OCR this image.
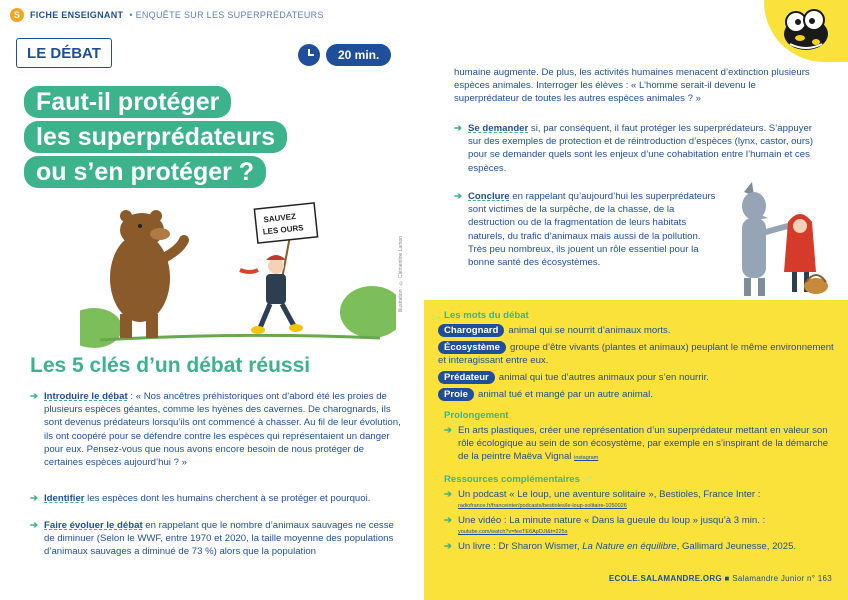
S	FICHE ENSEIGNANT • ENQUÊTE SUR LES SUPERPRÉDATEURS
LE DÉBAT	20 min.
Faut-il protéger
les superprédateurs
ou s’en protéger ?
SAUVEZ
LES OURS
Illustration : © Clémentine Lamon
Les 5 clés d’un débat réussi
➔ Introduire le débat : « Nos ancêtres préhistoriques ont d’abord été les proies de plusieurs espèces géantes, comme les hyènes des cavernes. De charognards, ils sont devenus prédateurs lorsqu’ils ont commencé à chasser. Au fil de leur évolution, ils ont coopéré pour se défendre contre les espèces qui représentaient un danger pour eux. Pensez-vous que nous avons encore besoin de nous protéger de certaines espèces aujourd’hui ? »
➔ Identifier les espèces dont les humains cherchent à se protéger et pourquoi.
➔ Faire évoluer le débat en rappelant que le nombre d’animaux sauvages ne cesse de diminuer (Selon le WWF, entre 1970 et 2020, la taille moyenne des populations d’animaux sauvages a diminué de 73 %) alors que la population
humaine augmente. De plus, les activités humaines menacent d’extinction plusieurs espèces animales. Interroger les élèves : « L’homme serait-il devenu le superprédateur de toutes les autres espèces animales ? »
➔ Se demander si, par conséquent, il faut protéger les superprédateurs. S’appuyer sur des exemples de protection et de réintroduction d’espèces (lynx, castor, ours) pour se demander quels sont les enjeux d’une cohabitation entre l’humain et ces espèces.
➔ Conclure en rappelant qu’aujourd’hui les superprédateurs sont victimes de la surpêche, de la chasse, de la destruction ou de la fragmentation de leurs habitats naturels, du trafic d’animaux mais aussi de la pollution. Très peu nombreux, ils jouent un rôle essentiel pour la bonne santé des écosystèmes.
Les mots du débat
Charognard animal qui se nourrit d’animaux morts.
Écosystème groupe d’être vivants (plantes et animaux) peuplant le même environnement et interagissant entre eux.
Prédateur animal qui tue d’autres animaux pour s’en nourrir.
Proie animal tué et mangé par un autre animal.
Prolongement
➔ En arts plastiques, créer une représentation d’un superprédateur mettant en valeur son rôle écologique au sein de son écosystème, par exemple en s’inspirant de la démarche de la peintre Maëva Vignal instagram
Ressources complémentaires
➔ Un podcast « Le loup, une aventure solitaire », Bestioles, France Inter :
radiofrance.fr/franceinter/podcasts/bestioles/le-loup-solitaire-1050026
➔ Une vidéo : La minute nature « Dans la gueule du loup » jusqu’à 3 min. :
youtube.com/watch?v=feeTE6ApDJI&t=225s
➔ Un livre : Dr Sharon Wismer, La Nature en équilibre, Gallimard Jeunesse, 2025.
ECOLE.SALAMANDRE.ORG ■ Salamandre Junior n° 163
